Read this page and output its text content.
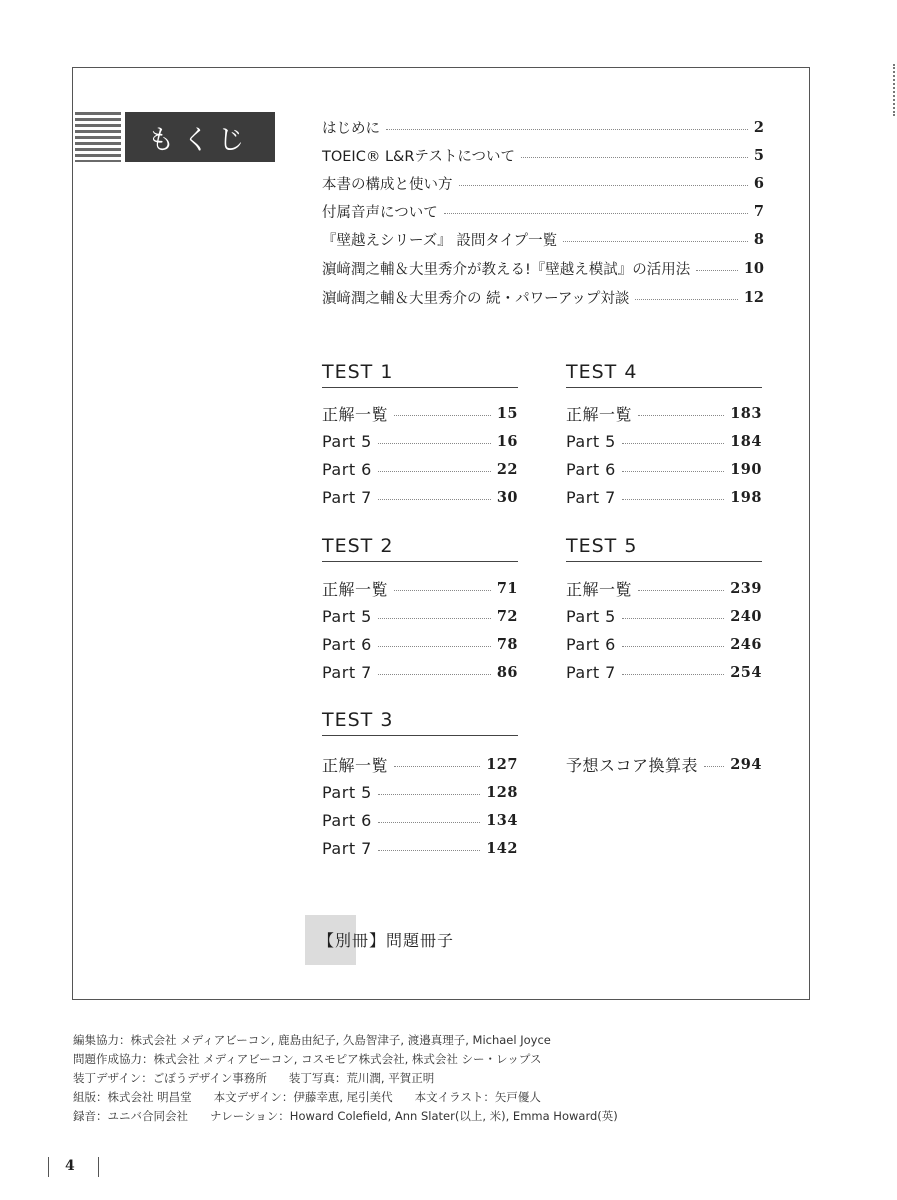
もくじ	はじめに	2
TOEIC® L&Rテストについて	5
本書の構成と使い方	6
付属音声について	7
『壁越えシリーズ』 設問タイプ一覧	8
濵﨑潤之輔＆大里秀介が教える!『壁越え模試』の活用法	10
濵﨑潤之輔＆大里秀介の 続・パワーアップ対談	12
TEST 1
正解一覧	15
Part 5	16
Part 6	22
Part 7	30
TEST 2
正解一覧	71
Part 5	72
Part 6	78
Part 7	86
TEST 3
正解一覧	127
Part 5	128
Part 6	134
Part 7	142
TEST 4
正解一覧	183
Part 5	184
Part 6	190
Part 7	198
TEST 5
正解一覧	239
Part 5	240
Part 6	246
Part 7	254
予想スコア換算表 294
【別冊】問題冊子
編集協力：株式会社 メディアビーコン, 鹿島由紀子, 久島智津子, 渡邉真理子, Michael Joyce
問題作成協力：株式会社 メディアビーコン, コスモピア株式会社, 株式会社 シー・レップス
装丁デザイン：ごぼうデザイン事務所 装丁写真：荒川潤, 平賀正明
組版：株式会社 明昌堂 本文デザイン：伊藤幸恵, 尾引美代 本文イラスト：矢戸優人
録音：ユニバ合同会社 ナレーション：Howard Colefield, Ann Slater(以上, 米), Emma Howard(英)
4
